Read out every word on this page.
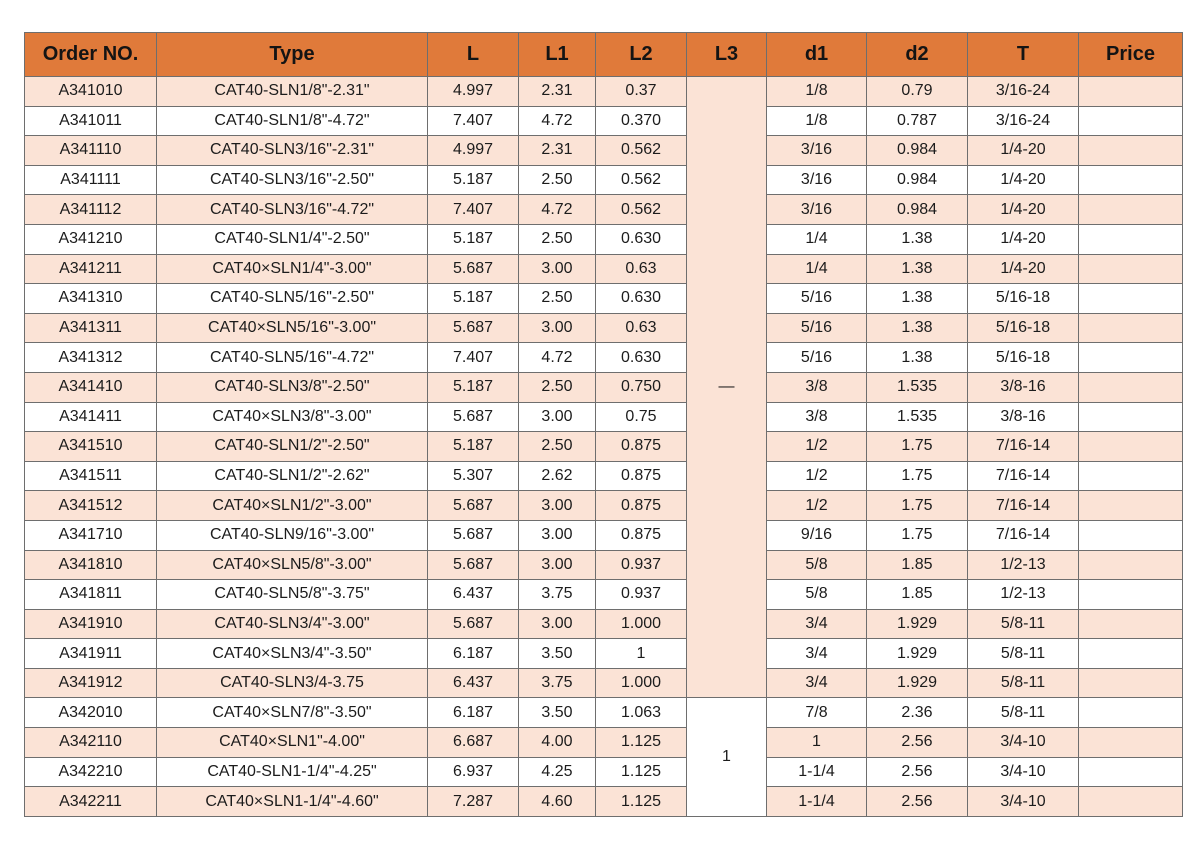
Order NO.	Type	L	L1	L2	L3	d1	d2	T	Price
A341010	CAT40-SLN1/8"-2.31"	4.997	2.31	0.37	—	1/8	0.79	3/16-24	
A341011	CAT40-SLN1/8"-4.72"	7.407	4.72	0.370		1/8	0.787	3/16-24	
A341110	CAT40-SLN3/16"-2.31"	4.997	2.31	0.562		3/16	0.984	1/4-20	
A341111	CAT40-SLN3/16"-2.50"	5.187	2.50	0.562		3/16	0.984	1/4-20	
A341112	CAT40-SLN3/16"-4.72"	7.407	4.72	0.562		3/16	0.984	1/4-20	
A341210	CAT40-SLN1/4"-2.50"	5.187	2.50	0.630		1/4	1.38	1/4-20	
A341211	CAT40×SLN1/4"-3.00"	5.687	3.00	0.63		1/4	1.38	1/4-20	
A341310	CAT40-SLN5/16"-2.50"	5.187	2.50	0.630		5/16	1.38	5/16-18	
A341311	CAT40×SLN5/16"-3.00"	5.687	3.00	0.63		5/16	1.38	5/16-18	
A341312	CAT40-SLN5/16"-4.72"	7.407	4.72	0.630		5/16	1.38	5/16-18	
A341410	CAT40-SLN3/8"-2.50"	5.187	2.50	0.750		3/8	1.535	3/8-16	
A341411	CAT40×SLN3/8"-3.00"	5.687	3.00	0.75		3/8	1.535	3/8-16	
A341510	CAT40-SLN1/2"-2.50"	5.187	2.50	0.875		1/2	1.75	7/16-14	
A341511	CAT40-SLN1/2"-2.62"	5.307	2.62	0.875		1/2	1.75	7/16-14	
A341512	CAT40×SLN1/2"-3.00"	5.687	3.00	0.875		1/2	1.75	7/16-14	
A341710	CAT40-SLN9/16"-3.00"	5.687	3.00	0.875		9/16	1.75	7/16-14	
A341810	CAT40×SLN5/8"-3.00"	5.687	3.00	0.937		5/8	1.85	1/2-13	
A341811	CAT40-SLN5/8"-3.75"	6.437	3.75	0.937		5/8	1.85	1/2-13	
A341910	CAT40-SLN3/4"-3.00"	5.687	3.00	1.000		3/4	1.929	5/8-11	
A341911	CAT40×SLN3/4"-3.50"	6.187	3.50	1		3/4	1.929	5/8-11	
A341912	CAT40-SLN3/4-3.75	6.437	3.75	1.000		3/4	1.929	5/8-11	
A342010	CAT40×SLN7/8"-3.50"	6.187	3.50	1.063	1	7/8	2.36	5/8-11	
A342110	CAT40×SLN1"-4.00"	6.687	4.00	1.125		1	2.56	3/4-10	
A342210	CAT40-SLN1-1/4"-4.25"	6.937	4.25	1.125		1-1/4	2.56	3/4-10	
A342211	CAT40×SLN1-1/4"-4.60"	7.287	4.60	1.125		1-1/4	2.56	3/4-10	
